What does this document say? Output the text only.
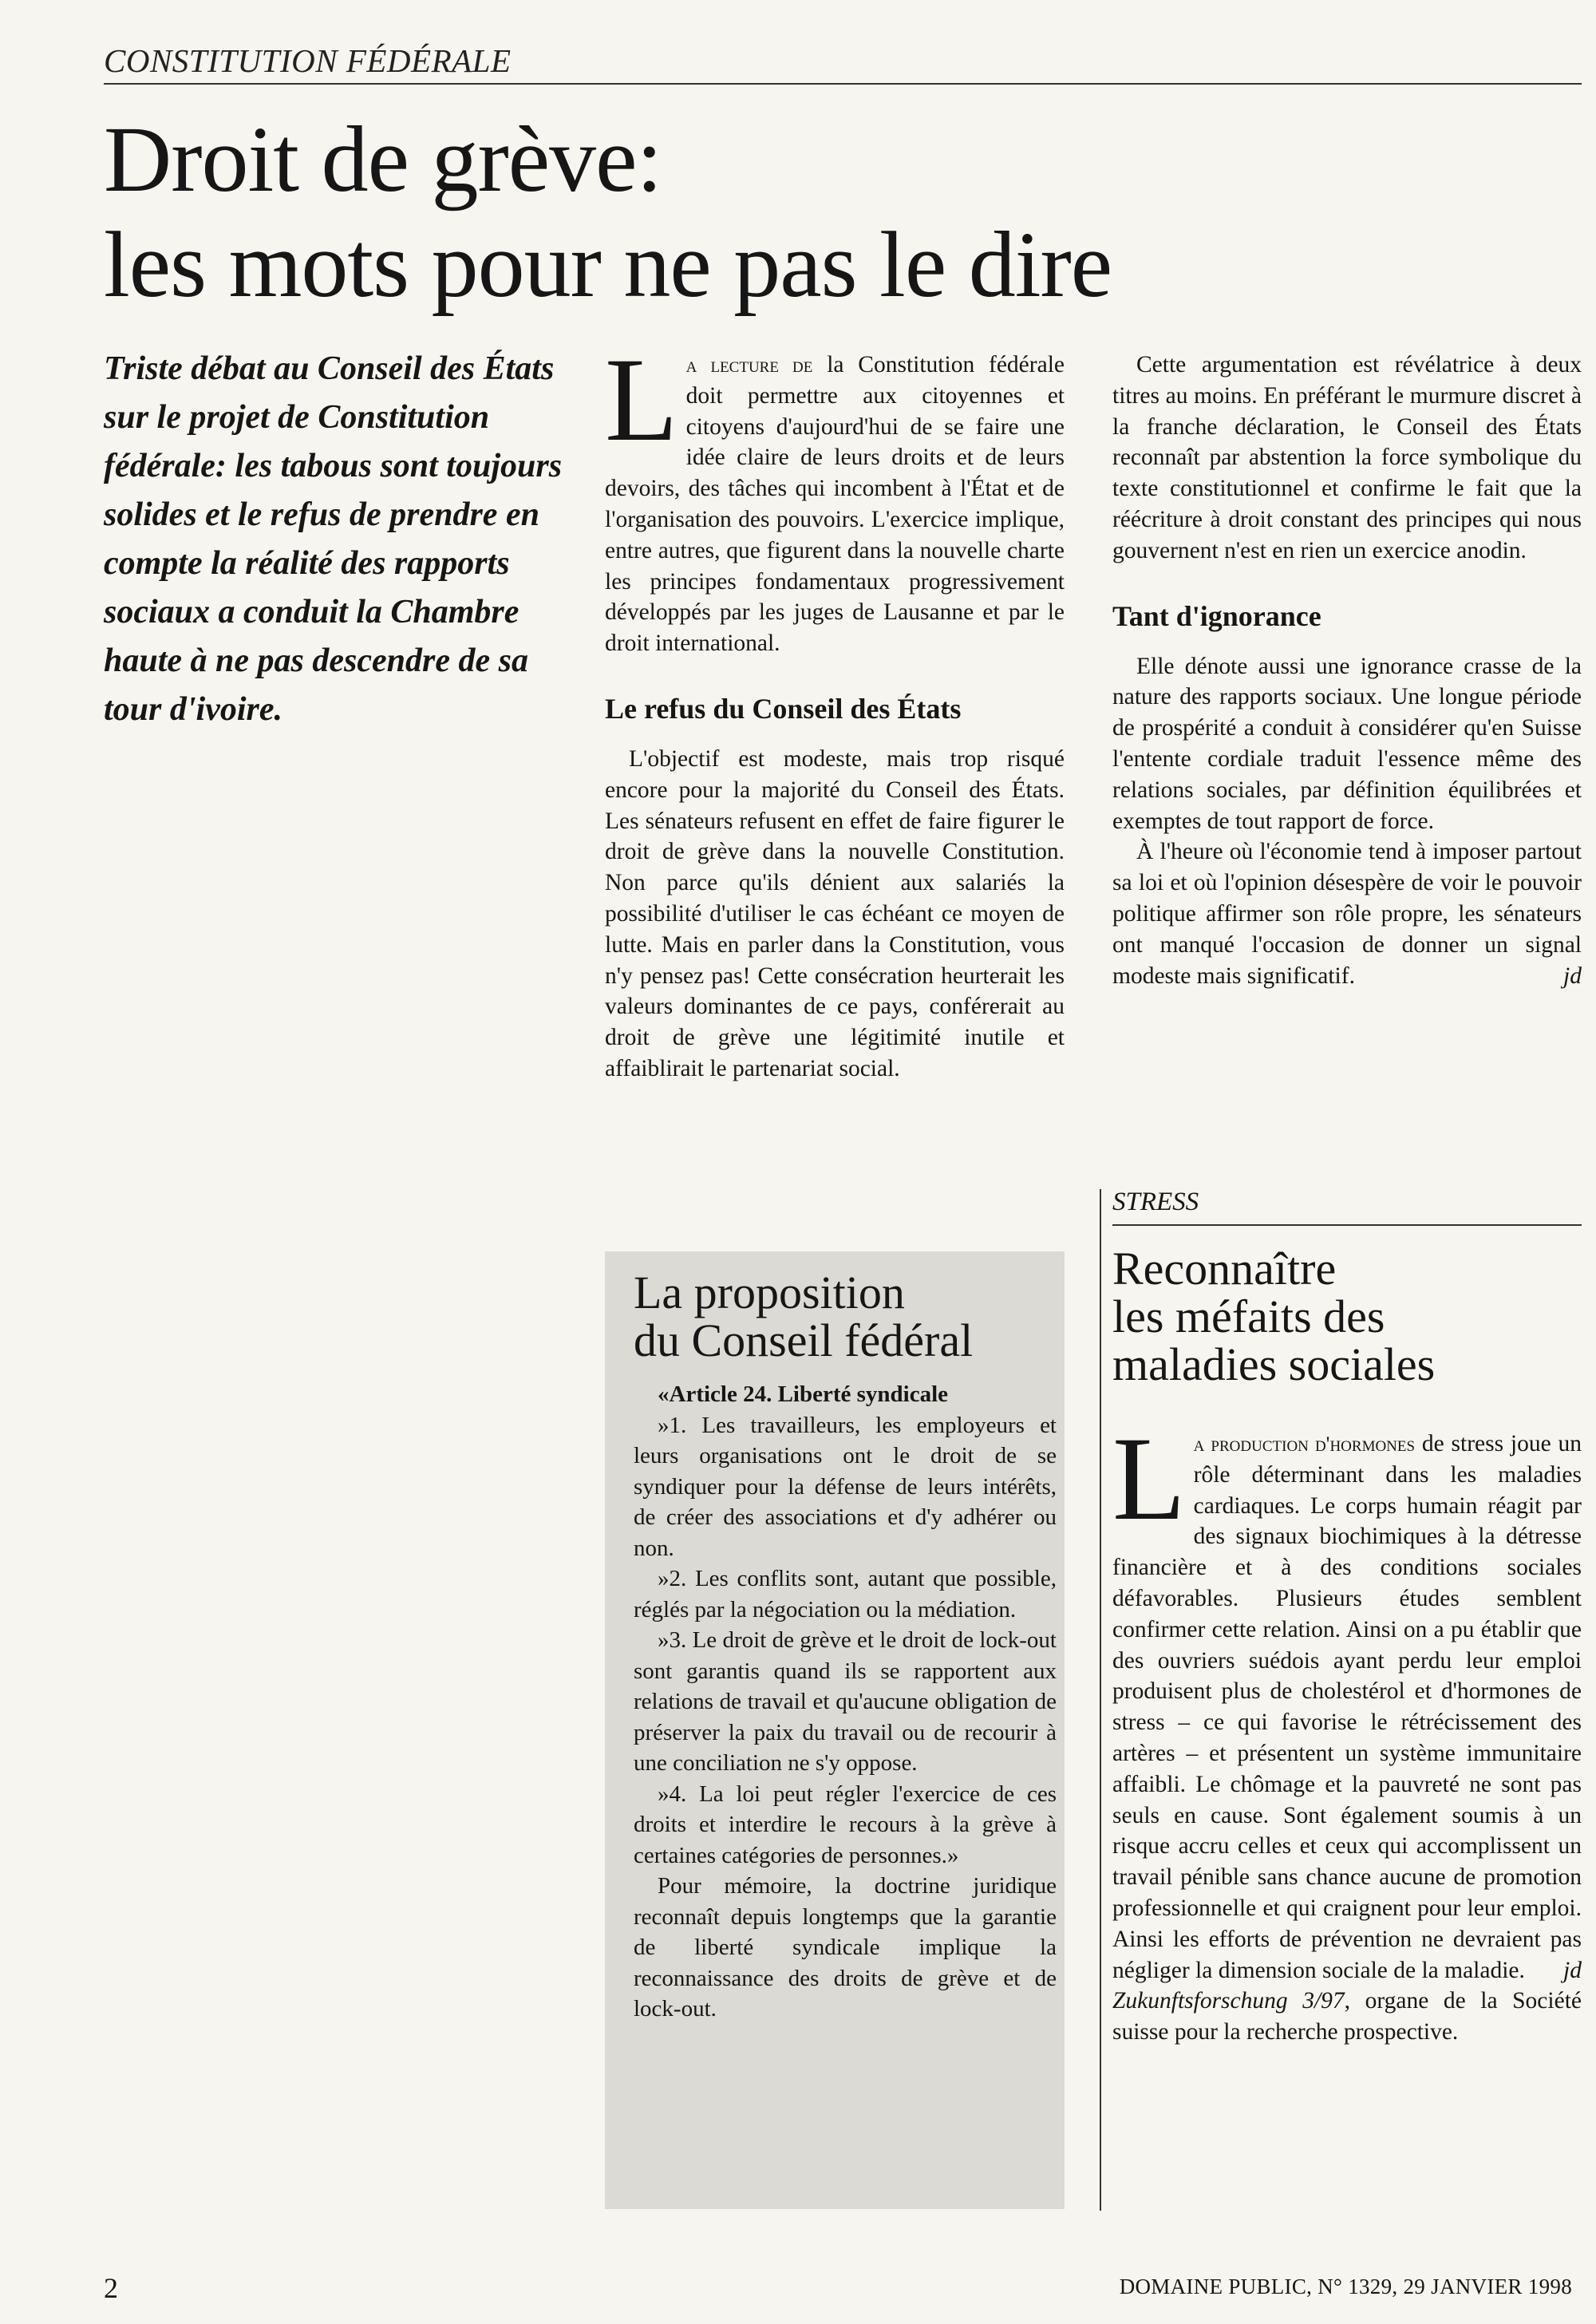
CONSTITUTION FÉDÉRALE
Droit de grève:
les mots pour ne pas le dire

Triste débat au Conseil des États sur le projet de Constitution fédérale: les tabous sont toujours solides et le refus de prendre en compte la réalité des rapports sociaux a conduit la Chambre haute à ne pas descendre de sa tour d'ivoire.

La lecture de la Constitution fédérale doit permettre aux citoyennes et citoyens d'aujourd'hui de se faire une idée claire de leurs droits et de leurs devoirs, des tâches qui incombent à l'État et de l'organisation des pouvoirs. L'exercice implique, entre autres, que figurent dans la nouvelle charte les principes fondamentaux progressivement développés par les juges de Lausanne et par le droit international.

Le refus du Conseil des États

L'objectif est modeste, mais trop risqué encore pour la majorité du Conseil des États. Les sénateurs refusent en effet de faire figurer le droit de grève dans la nouvelle Constitution. Non parce qu'ils dénient aux salariés la possibilité d'utiliser le cas échéant ce moyen de lutte. Mais en parler dans la Constitution, vous n'y pensez pas! Cette consécration heurterait les valeurs dominantes de ce pays, conférerait au droit de grève une légitimité inutile et affaiblirait le partenariat social.

Cette argumentation est révélatrice à deux titres au moins. En préférant le murmure discret à la franche déclaration, le Conseil des États reconnaît par abstention la force symbolique du texte constitutionnel et confirme le fait que la réécriture à droit constant des principes qui nous gouvernent n'est en rien un exercice anodin.

Tant d'ignorance

Elle dénote aussi une ignorance crasse de la nature des rapports sociaux. Une longue période de prospérité a conduit à considérer qu'en Suisse l'entente cordiale traduit l'essence même des relations sociales, par définition équilibrées et exemptes de tout rapport de force.

À l'heure où l'économie tend à imposer partout sa loi et où l'opinion désespère de voir le pouvoir politique affirmer son rôle propre, les sénateurs ont manqué l'occasion de donner un signal modeste mais significatif.	jd

La proposition
du Conseil fédéral

«Article 24. Liberté syndicale

»1. Les travailleurs, les employeurs et leurs organisations ont le droit de se syndiquer pour la défense de leurs intérêts, de créer des associations et d'y adhérer ou non.

»2. Les conflits sont, autant que possible, réglés par la négociation ou la médiation.

»3. Le droit de grève et le droit de lock-out sont garantis quand ils se rapportent aux relations de travail et qu'aucune obligation de préserver la paix du travail ou de recourir à une conciliation ne s'y oppose.

»4. La loi peut régler l'exercice de ces droits et interdire le recours à la grève à certaines catégories de personnes.»

Pour mémoire, la doctrine juridique reconnaît depuis longtemps que la garantie de liberté syndicale implique la reconnaissance des droits de grève et de lock-out.

STRESS
Reconnaître
les méfaits des
maladies sociales

La production d'hormones de stress joue un rôle déterminant dans les maladies cardiaques. Le corps humain réagit par des signaux biochimiques à la détresse financière et à des conditions sociales défavorables. Plusieurs études semblent confirmer cette relation. Ainsi on a pu établir que des ouvriers suédois ayant perdu leur emploi produisent plus de cholestérol et d'hormones de stress – ce qui favorise le rétrécissement des artères – et présentent un système immunitaire affaibli. Le chômage et la pauvreté ne sont pas seuls en cause. Sont également soumis à un risque accru celles et ceux qui accomplissent un travail pénible sans chance aucune de promotion professionnelle et qui craignent pour leur emploi. Ainsi les efforts de prévention ne devraient pas négliger la dimension sociale de la maladie. jd

Zukunftsforschung 3/97, organe de la Société suisse pour la recherche prospective.

2	DOMAINE PUBLIC, N° 1329, 29 JANVIER 1998
